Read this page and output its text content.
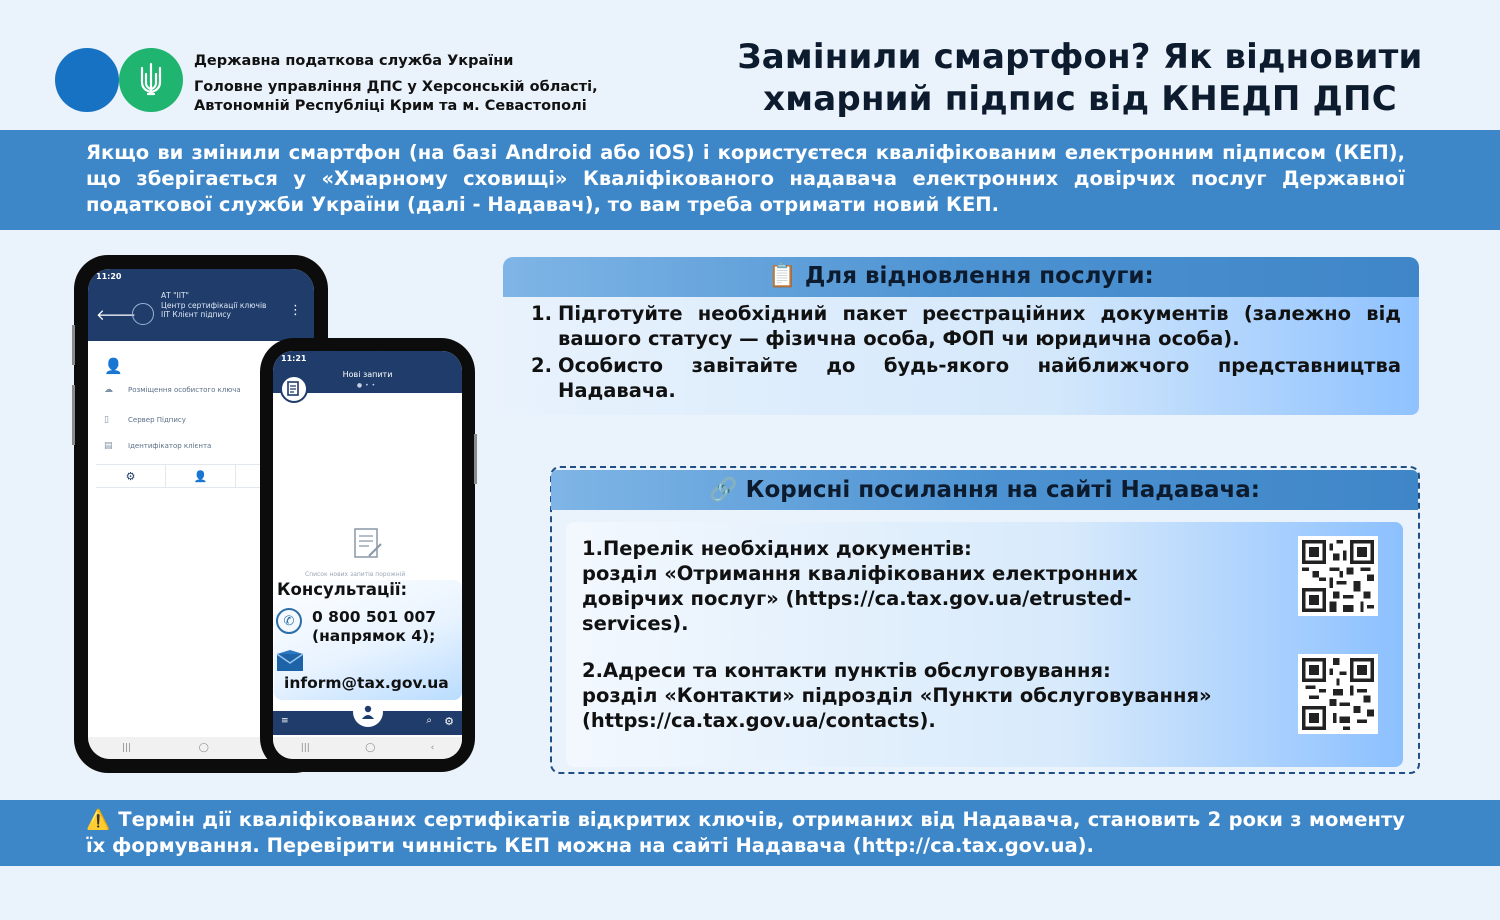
Державна податкова служба України
Головне управління ДПС у Херсонській області,
Автономній Республіці Крим та м. Севастополі
Замінили смартфон? Як відновити
хмарний підпис від КНЕДП ДПС
Якщо ви змінили смартфон (на базі Android або iOS) і користуєтеся кваліфікованим електронним підписом (КЕП), що зберігається у «Хмарному сховищі» Кваліфікованого надавача електронних довірчих послуг Державної податкової служби України (далі - Надавач), то вам треба отримати новий КЕП.
11:20
🡐
АТ "ІІТ"
Центр сертифікації ключів
ІІТ Клієнт підпису	⋮
👤
☁ Розміщення особистого ключа
▯	Сервер Підпису
▤ Ідентифікатор клієнта
⚙	👤
|||	◯
11:21
Нові запити
●••
Список нових запитів порожній
≡	⌕ ⚙
|||	◯	‹
Консультації:
✆	0 800 501 007
(напрямок 4);
inform@tax.gov.ua
📋 Для відновлення послуги:
1. Підготуйте необхідний пакет реєстраційних документів (залежно від вашого статусу — фізична особа, ФОП чи юридична особа).
2. Особисто завітайте до будь-якого найближчого представництва Надавача.
🔗 Корисні посилання на сайті Надавача:
1.Перелік необхідних документів:
розділ «Отримання кваліфікованих електронних
довірчих послуг» (https://ca.tax.gov.ua/etrusted-
services).
2.Адреси та контакти пунктів обслуговування:
розділ «Контакти» підрозділ «Пункти обслуговування»
(https://ca.tax.gov.ua/contacts).
⚠️ Термін дії кваліфікованих сертифікатів відкритих ключів, отриманих від Надавача, становить 2 роки з моменту їх формування. Перевірити чинність КЕП можна на сайті Надавача (http://ca.tax.gov.ua).
